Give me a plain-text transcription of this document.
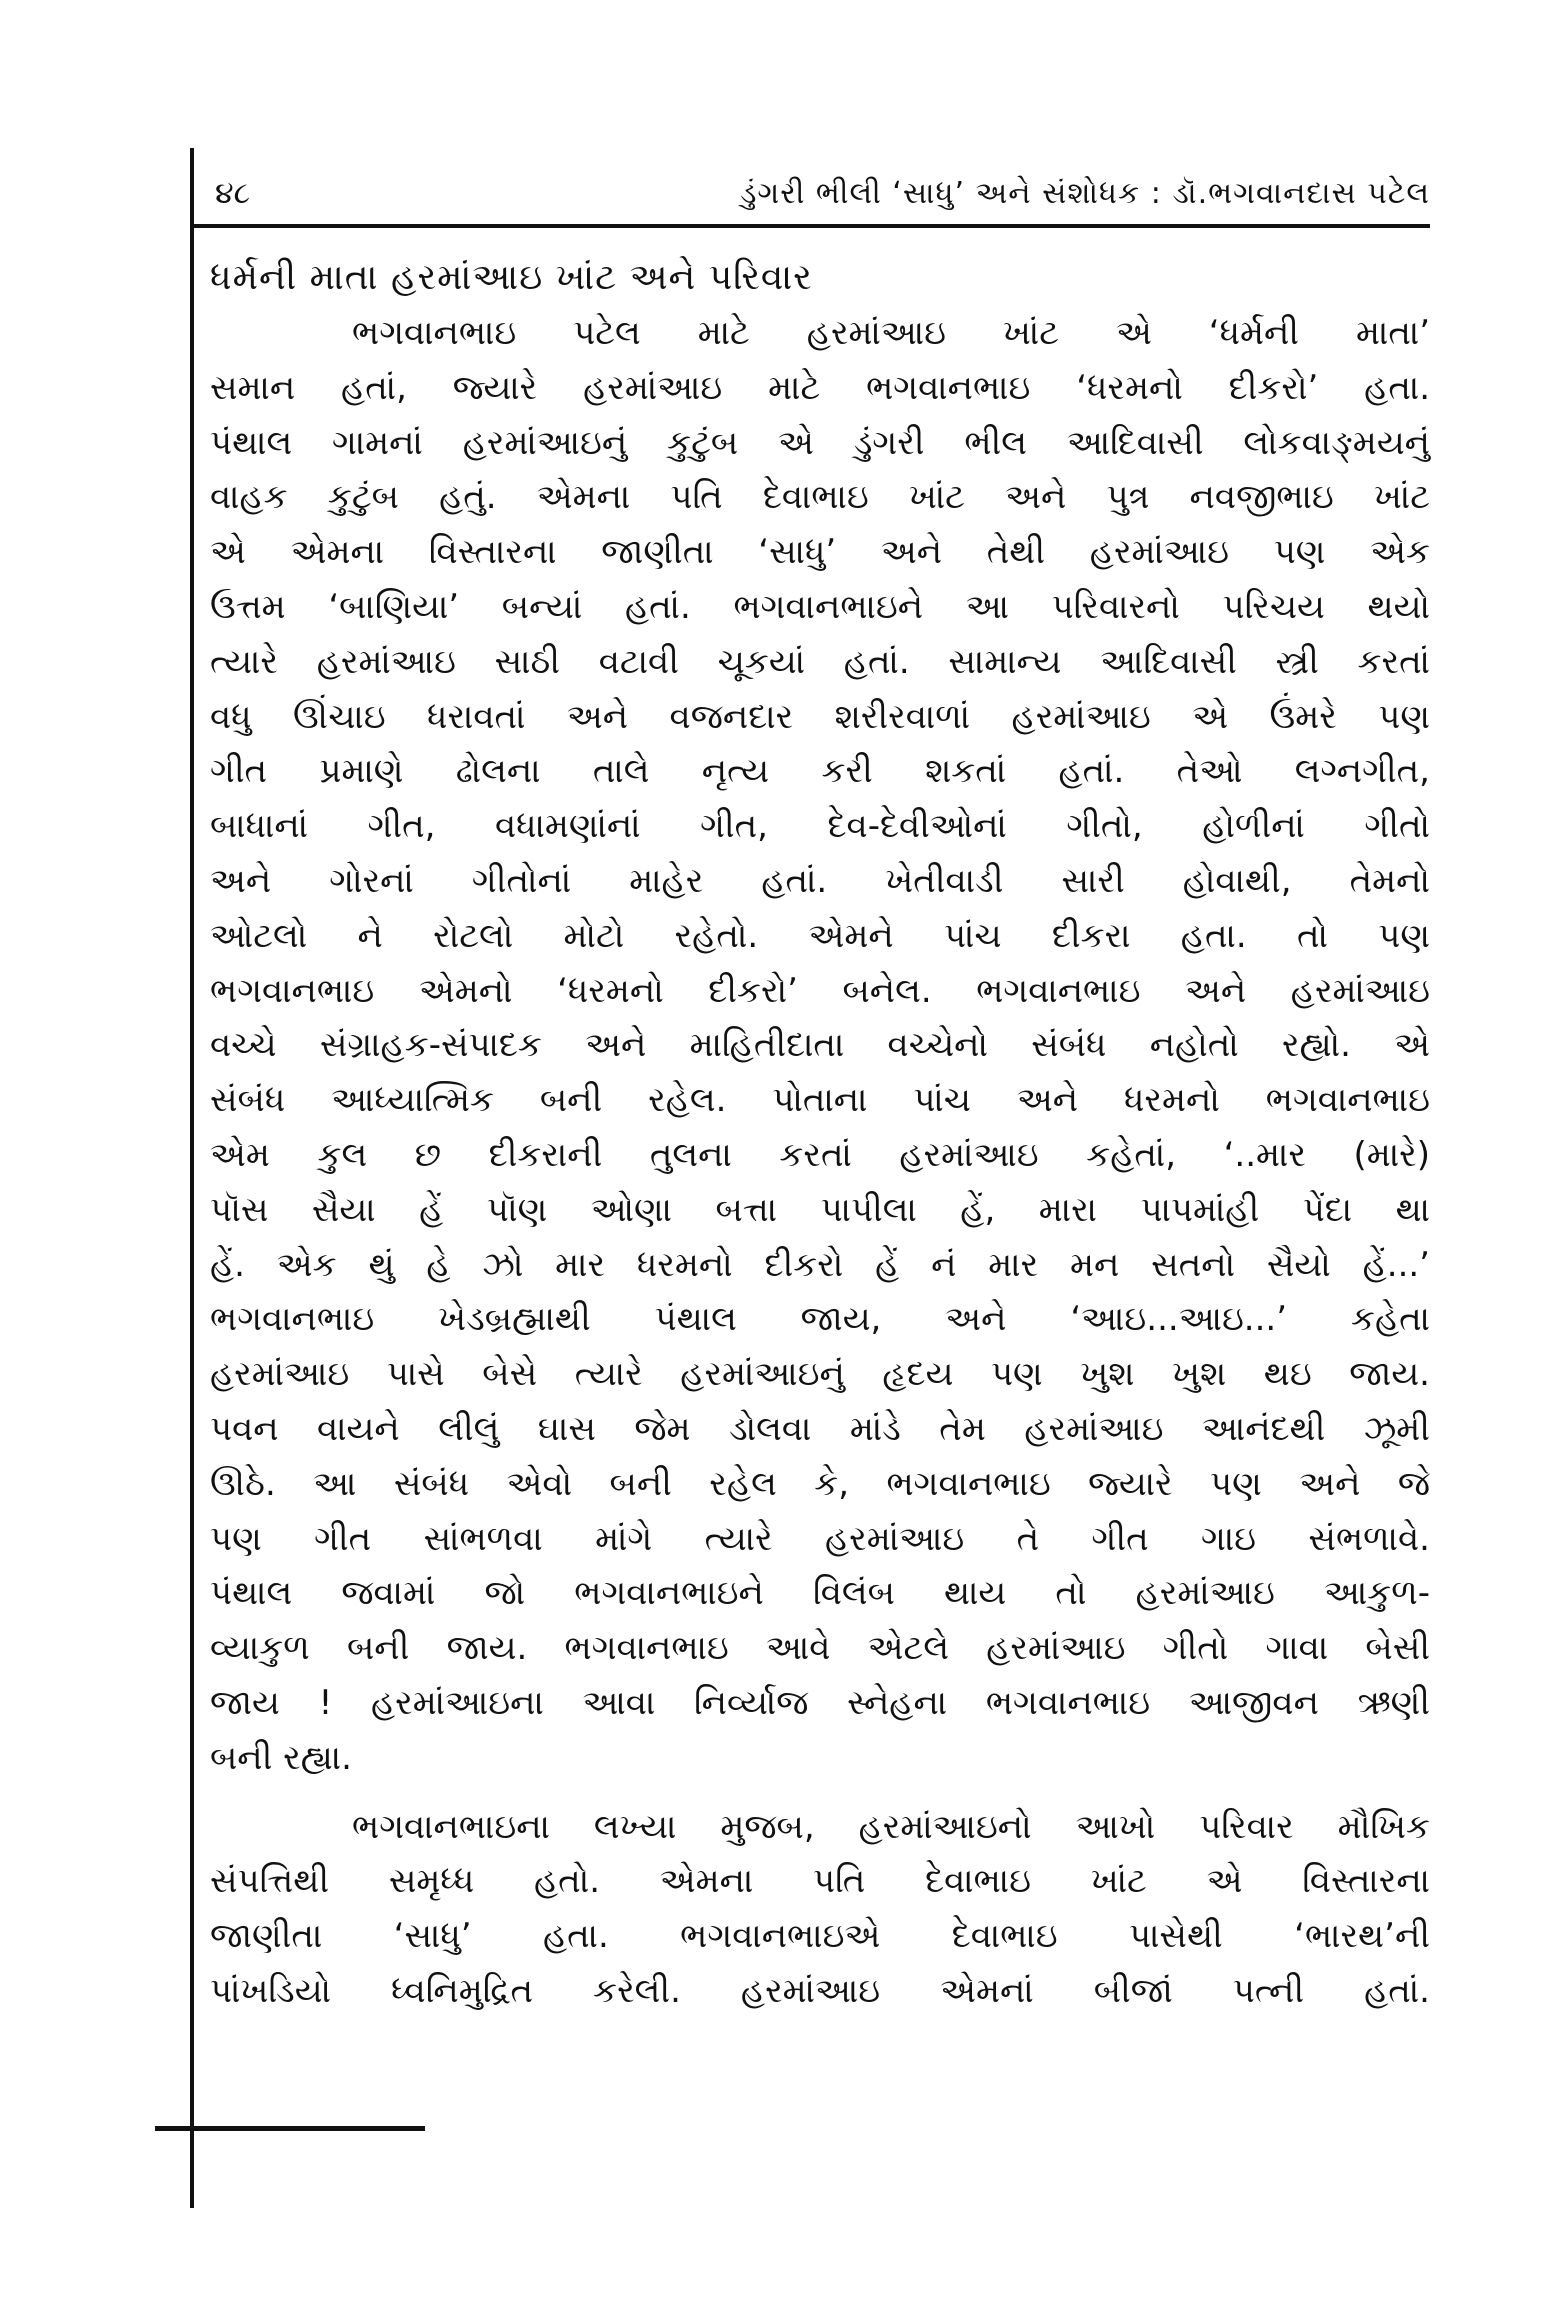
૪૮	ડુંગરી ભીલી ‘સાધુ’ અને સંશોધક : ડૉ.ભગવાનદાસ પટેલ
ધર્મની માતા હરમાંઆઇ ખાંટ અને પરિવાર
ભગવાનભાઇ પટેલ માટે હરમાંઆઇ ખાંટ એ ‘ધર્મની માતા’
સમાન હતાં, જ્યારે હરમાંઆઇ માટે ભગવાનભાઇ ‘ધરમનો દીકરો’ હતા.
પંથાલ ગામનાં હરમાંઆઇનું કુટુંબ એ ડુંગરી ભીલ આદિવાસી લોકવાઙ્મયનું
વાહક કુટુંબ હતું. એમના પતિ દેવાભાઇ ખાંટ અને પુત્ર નવજીભાઇ ખાંટ
એ એમના વિસ્તારના જાણીતા ‘સાધુ’ અને તેથી હરમાંઆઇ પણ એક
ઉત્તમ ‘બાણિયા’ બન્યાં હતાં. ભગવાનભાઇને આ પરિવારનો પરિચય થયો
ત્યારે હરમાંઆઇ સાઠી વટાવી ચૂકયાં હતાં. સામાન્ય આદિવાસી સ્ત્રી કરતાં
વધુ ઊંચાઇ ધરાવતાં અને વજનદાર શરીરવાળાં હરમાંઆઇ એ ઉંમરે પણ
ગીત પ્રમાણે ઢોલના તાલે નૃત્ય કરી શકતાં હતાં. તેઓ લગ્નગીત,
બાધાનાં ગીત, વધામણાંનાં ગીત, દેવ-દેવીઓનાં ગીતો, હોળીનાં ગીતો
અને ગોરનાં ગીતોનાં માહેર હતાં. ખેતીવાડી સારી હોવાથી, તેમનો
ઓટલો ને રોટલો મોટો રહેતો. એમને પાંચ દીકરા હતા. તો પણ
ભગવાનભાઇ એમનો ‘ધરમનો દીકરો’ બનેલ. ભગવાનભાઇ અને હરમાંઆઇ
વચ્ચે સંગ્રાહક-સંપાદક અને માહિતીદાતા વચ્ચેનો સંબંધ નહોતો રહ્યો. એ
સંબંધ આધ્યાત્મિક બની રહેલ. પોતાના પાંચ અને ધરમનો ભગવાનભાઇ
એમ કુલ છ દીકરાની તુલના કરતાં હરમાંઆઇ કહેતાં, ‘..માર (મારે)
પૉસ સૈયા હેં પૉણ ઓણા બત્તા પાપીલા હેં, મારા પાપમાંહી પેંદા થા
હેં. એક થું હે ઝો માર ધરમનો દીકરો હેં નં માર મન સતનો સૈયો હેં...’
ભગવાનભાઇ ખેડબ્રહ્માથી પંથાલ જાય, અને ‘આઇ...આઇ...’ કહેતા
હરમાંઆઇ પાસે બેસે ત્યારે હરમાંઆઇનું હૃદય પણ ખુશ ખુશ થઇ જાય.
પવન વાયને લીલું ઘાસ જેમ ડોલવા માંડે તેમ હરમાંઆઇ આનંદથી ઝૂમી
ઊઠે. આ સંબંધ એવો બની રહેલ કે, ભગવાનભાઇ જ્યારે પણ અને જે
પણ ગીત સાંભળવા માંગે ત્યારે હરમાંઆઇ તે ગીત ગાઇ સંભળાવે.
પંથાલ જવામાં જો ભગવાનભાઇને વિલંબ થાય તો હરમાંઆઇ આકુળ-
વ્યાકુળ બની જાય. ભગવાનભાઇ આવે એટલે હરમાંઆઇ ગીતો ગાવા બેસી
જાય ! હરમાંઆઇના આવા નિર્વ્યાજ સ્નેહના ભગવાનભાઇ આજીવન ઋણી
બની રહ્યા.
ભગવાનભાઇના લખ્યા મુજબ, હરમાંઆઇનો આખો પરિવાર મૌખિક
સંપત્તિથી સમૃધ્ધ હતો. એમના પતિ દેવાભાઇ ખાંટ એ વિસ્તારના
જાણીતા ‘સાધુ’ હતા. ભગવાનભાઇએ દેવાભાઇ પાસેથી ‘ભારથ’ની
પાંખડિયો ધ્વનિમુદ્રિત કરેલી. હરમાંઆઇ એમનાં બીજાં પત્ની હતાં.
